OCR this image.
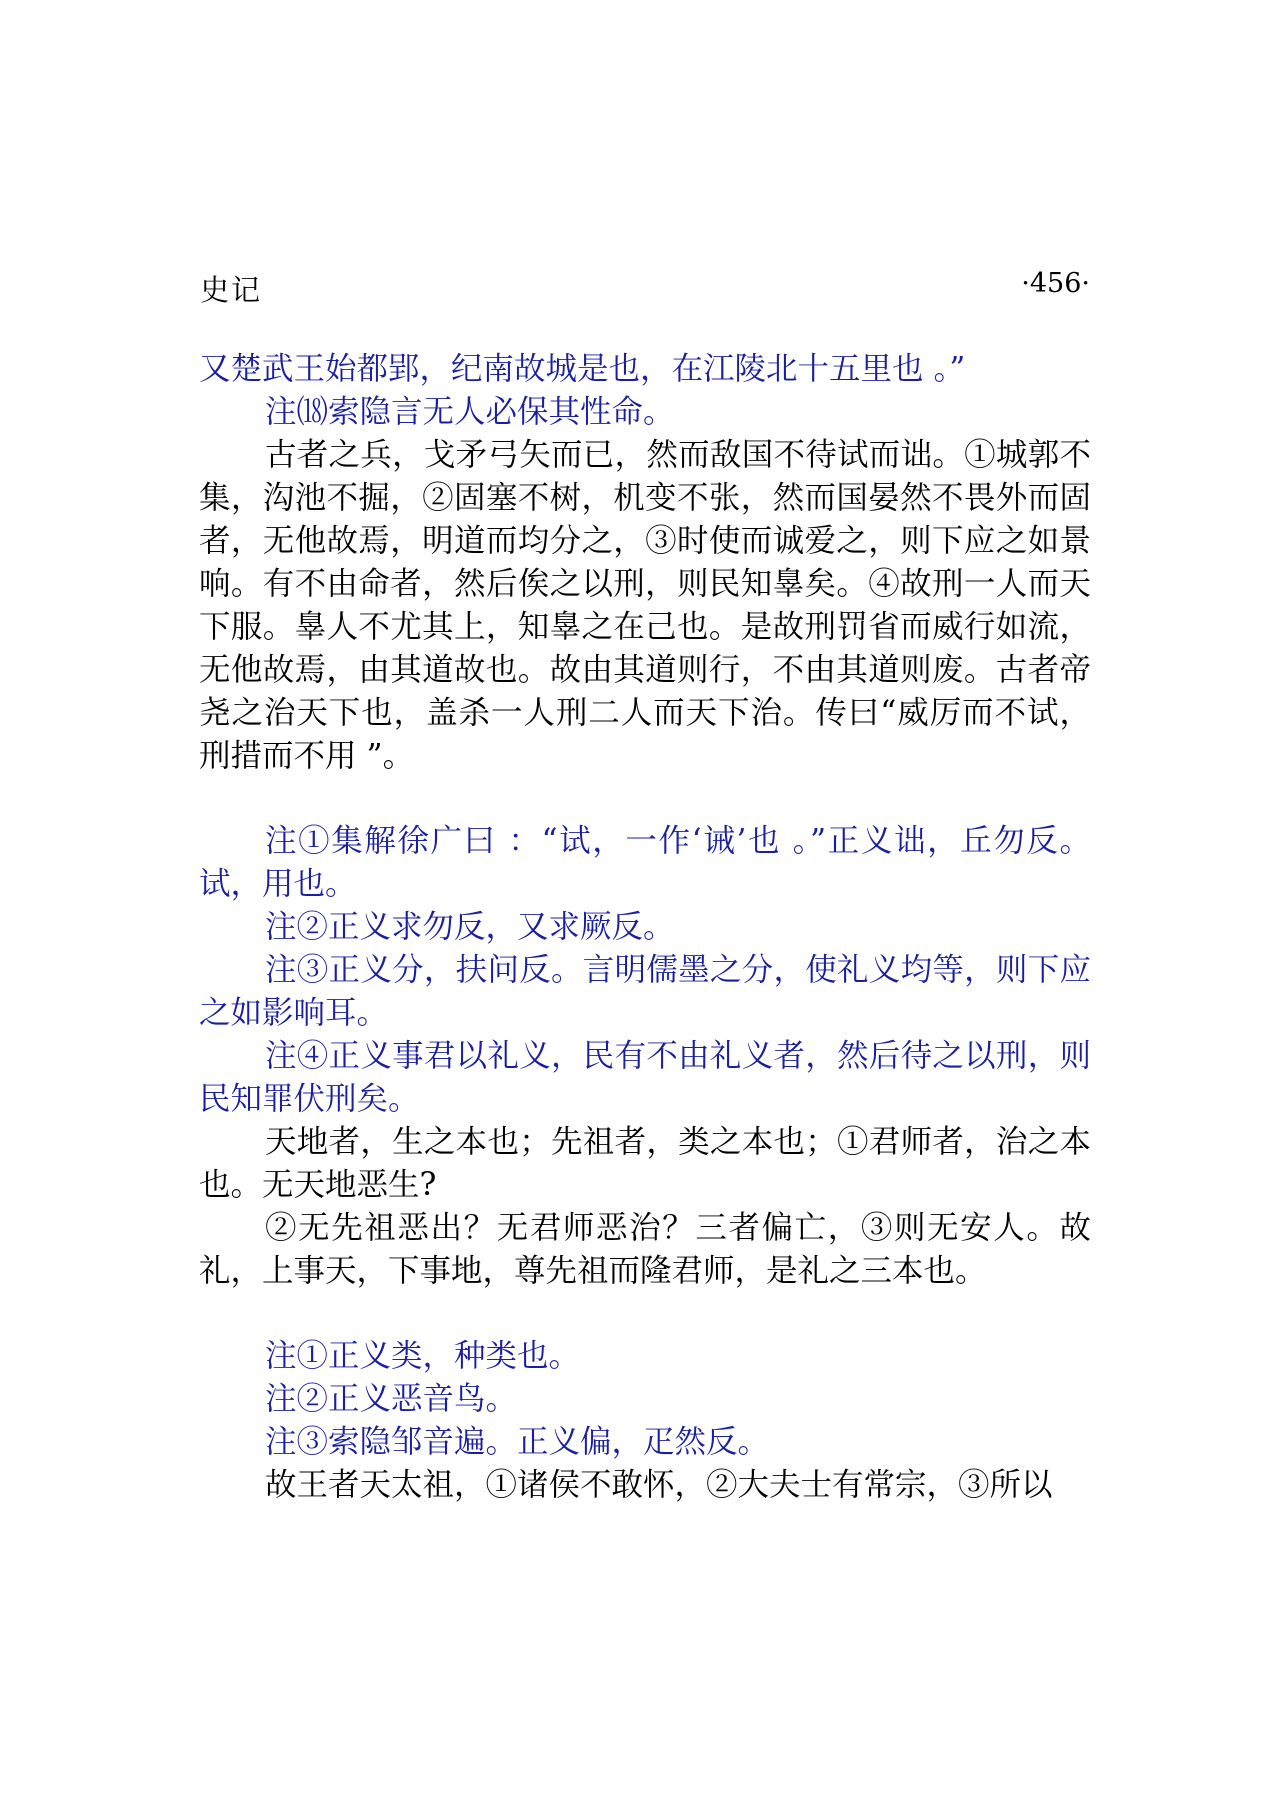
史记	·456·

又楚武王始都郢，纪南故城是也，在江陵北十五里也 。”

注⒅索隐言无人必保其性命。

古者之兵，戈矛弓矢而已，然而敌国不待试而诎。①城郭不集，沟池不掘，②固塞不树，机变不张，然而国晏然不畏外而固者，无他故焉，明道而均分之，③时使而诚爱之，则下应之如景响。有不由命者，然后俟之以刑，则民知辠矣。④故刑一人而天下服。辠人不尤其上，知辠之在己也。是故刑罚省而威行如流，无他故焉，由其道故也。故由其道则行，不由其道则废。古者帝尧之治天下也，盖杀一人刑二人而天下治。传曰“威厉而不试，刑措而不用 ”。

注①集解徐广曰 ：“试，一作‘诫’也 。”正义诎，丘勿反。试，用也。

注②正义求勿反，又求厥反。

注③正义分，扶问反。言明儒墨之分，使礼义均等，则下应之如影响耳。

注④正义事君以礼义，民有不由礼义者，然后待之以刑，则民知罪伏刑矣。

天地者，生之本也；先祖者，类之本也；①君师者，治之本也。无天地恶生?

②无先祖恶出？无君师恶治？三者偏亡，③则无安人。故礼，上事天，下事地，尊先祖而隆君师，是礼之三本也。

注①正义类，种类也。

注②正义恶音鸟。

注③索隐邹音遍。正义偏，疋然反。

故王者天太祖，①诸侯不敢怀，②大夫士有常宗，③所以
